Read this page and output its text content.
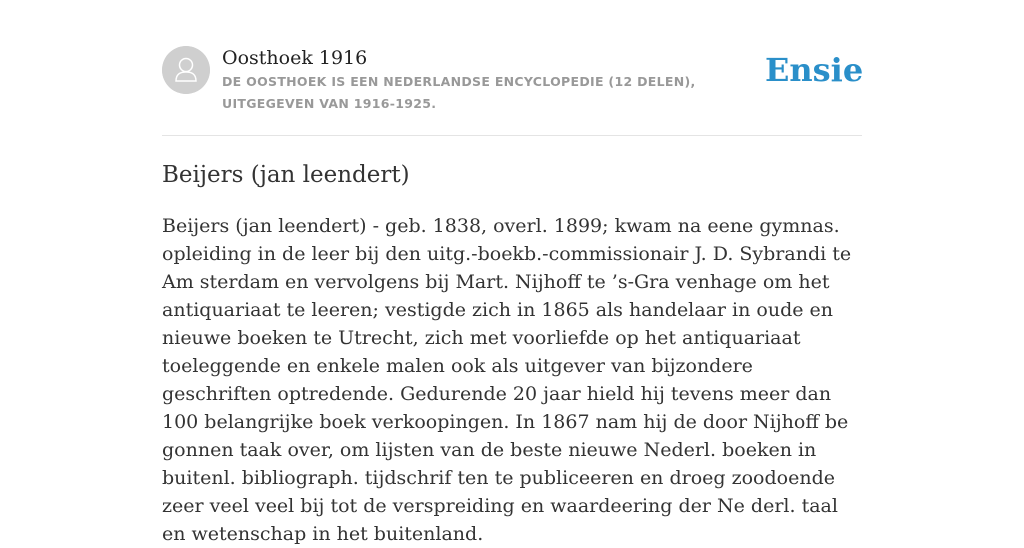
Oosthoek 1916
DE OOSTHOEK IS EEN NEDERLANDSE ENCYCLOPEDIE (12 DELEN), UITGEGEVEN VAN 1916-1925.
Ensie
Beijers (jan leendert)

Beijers (jan leendert) - geb. 1838, overl. 1899; kwam na eene gymnas. opleiding in de leer bij den uitg.-boekb.-commissionair J. D. Sybrandi te Am sterdam en vervolgens bij Mart. Nijhoff te ’s-Gra venhage om het antiquariaat te leeren; vestigde zich in 1865 als handelaar in oude en nieuwe boeken te Utrecht, zich met voorliefde op het antiquariaat toeleggende en enkele malen ook als uitgever van bijzondere geschriften optredende. Gedurende 20 jaar hield hij tevens meer dan 100 belangrijke boek verkoopingen. In 1867 nam hij de door Nijhoff be gonnen taak over, om lijsten van de beste nieuwe Nederl. boeken in buitenl. bibliograph. tijdschrif ten te publiceeren en droeg zoodoende zeer veel veel bij tot de verspreiding en waardeering der Ne derl. taal en wetenschap in het buitenland.
